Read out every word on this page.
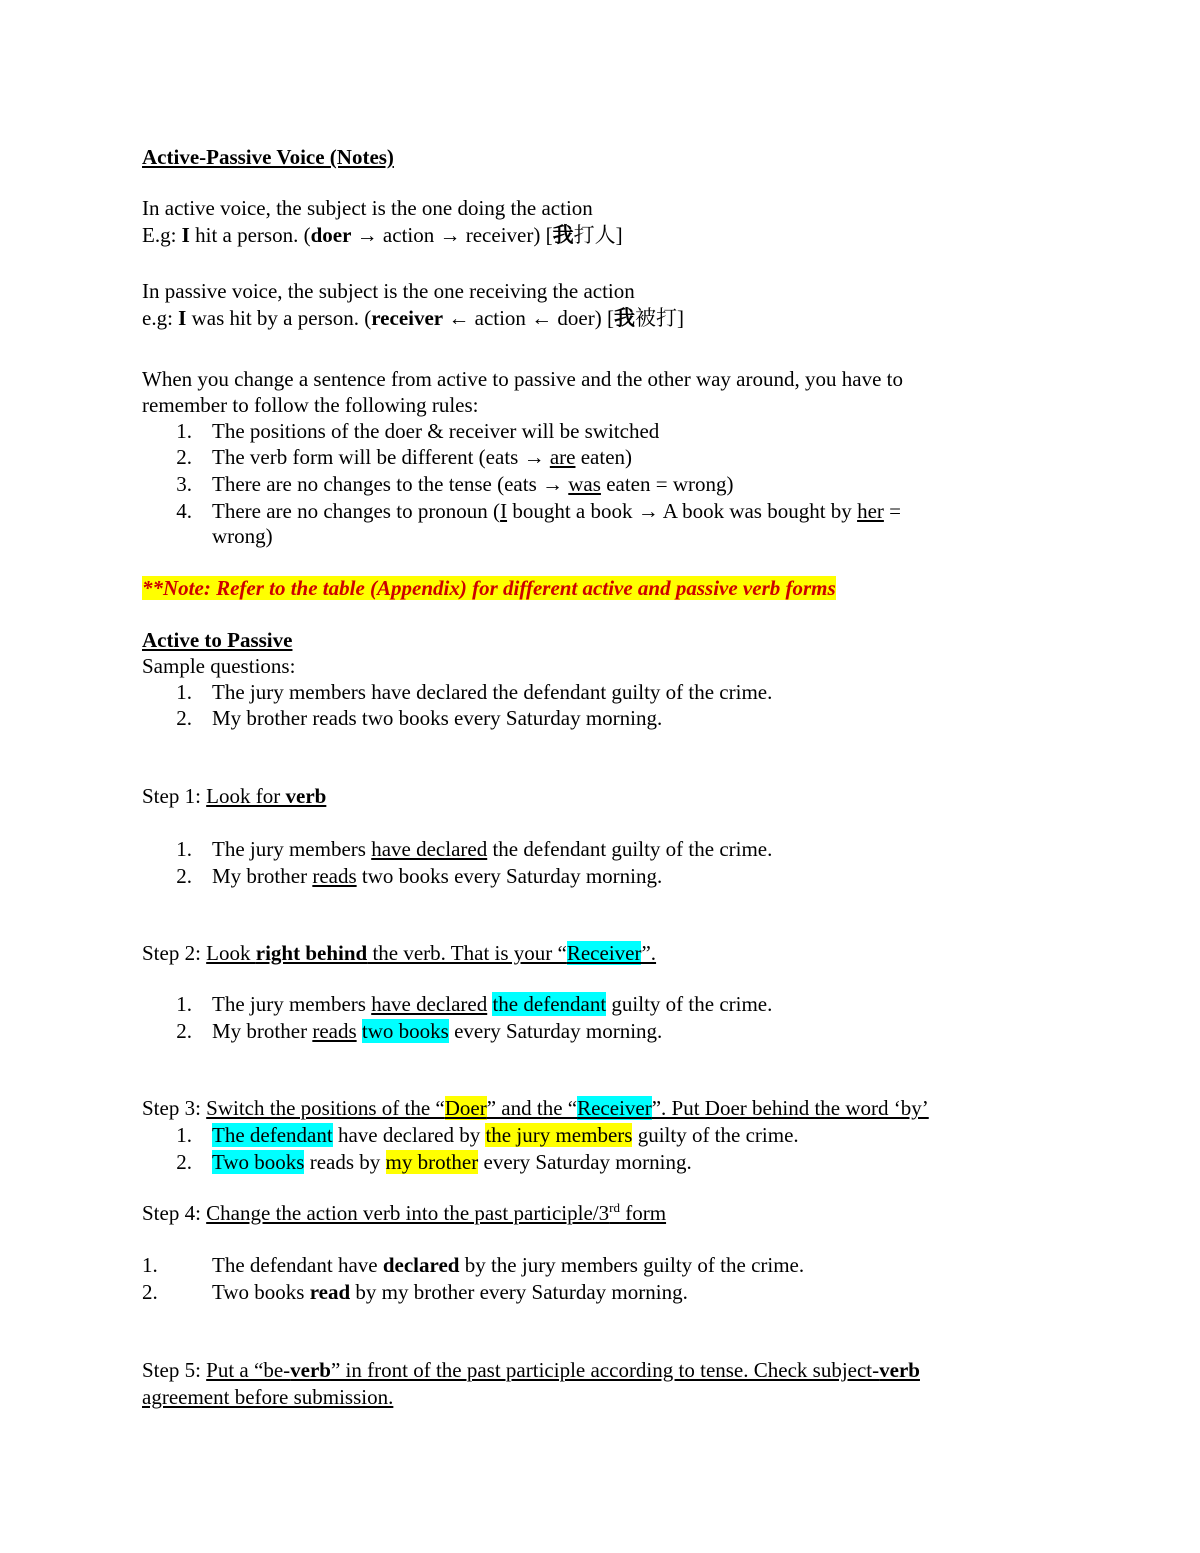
Active-Passive Voice (Notes)
In active voice, the subject is the one doing the action
E.g: I hit a person. (doer → action → receiver) [我打人]
In passive voice, the subject is the one receiving the action
e.g: I was hit by a person. (receiver ← action ← doer) [我被打]
When you change a sentence from active to passive and the other way around, you have to
remember to follow the following rules:
1. The positions of the doer & receiver will be switched
2. The verb form will be different (eats → are eaten)
3. There are no changes to the tense (eats → was eaten = wrong)
4. There are no changes to pronoun (I bought a book → A book was bought by her =
wrong)
**Note: Refer to the table (Appendix) for different active and passive verb forms
Active to Passive
Sample questions:
1. The jury members have declared the defendant guilty of the crime.
2. My brother reads two books every Saturday morning.
Step 1: Look for verb
1. The jury members have declared the defendant guilty of the crime.
2. My brother reads two books every Saturday morning.
Step 2: Look right behind the verb. That is your “Receiver”.
1. The jury members have declared the defendant guilty of the crime.
2. My brother reads two books every Saturday morning.
Step 3: Switch the positions of the “Doer” and the “Receiver”. Put Doer behind the word ‘by’
1. The defendant have declared by the jury members guilty of the crime.
2. Two books reads by my brother every Saturday morning.
Step 4: Change the action verb into the past participle/3rd form
1.	The defendant have declared by the jury members guilty of the crime.
2.	Two books read by my brother every Saturday morning.
Step 5: Put a “be-verb” in front of the past participle according to tense. Check subject-verb
agreement before submission.
